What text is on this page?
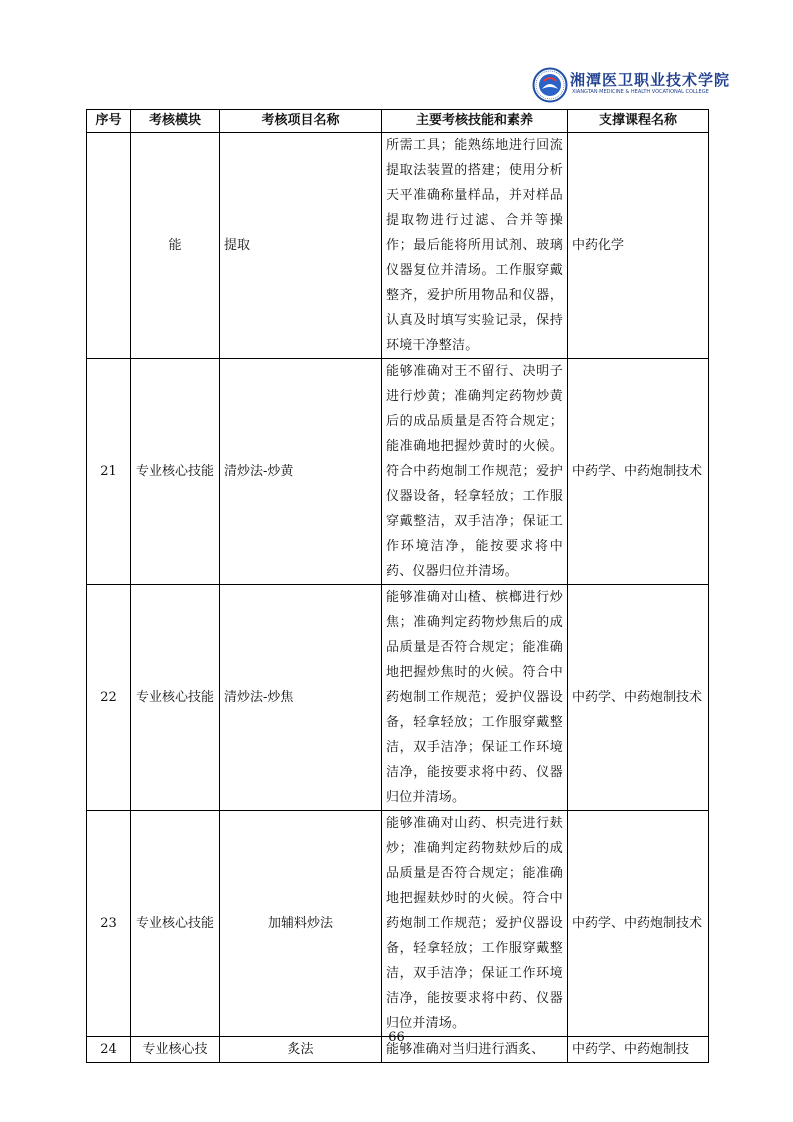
湘潭医卫职业技术学院
XIANGTAN MEDICINE & HEALTH VOCATIONAL COLLEGE
序号	考核模块	考核项目名称	主要考核技能和素养	支撑课程名称
	能	提取	所需工具；能熟练地进行回流提取法装置的搭建；使用分析天平准确称量样品，并对样品提取物进行过滤、合并等操作；最后能将所用试剂、玻璃仪器复位并清场。工作服穿戴整齐，爱护所用物品和仪器，认真及时填写实验记录，保持环境干净整洁。	中药化学
21	专业核心技能	清炒法-炒黄	能够准确对王不留行、决明子进行炒黄；准确判定药物炒黄后的成品质量是否符合规定；能准确地把握炒黄时的火候。符合中药炮制工作规范；爱护仪器设备，轻拿轻放；工作服穿戴整洁，双手洁净；保证工作环境洁净，能按要求将中药、仪器归位并清场。	中药学、中药炮制技术
22	专业核心技能	清炒法-炒焦	能够准确对山楂、槟榔进行炒焦；准确判定药物炒焦后的成品质量是否符合规定；能准确地把握炒焦时的火候。符合中药炮制工作规范；爱护仪器设备，轻拿轻放；工作服穿戴整洁，双手洁净；保证工作环境洁净，能按要求将中药、仪器归位并清场。	中药学、中药炮制技术
23	专业核心技能	加辅料炒法	能够准确对山药、枳壳进行麸炒；准确判定药物麸炒后的成品质量是否符合规定；能准确地把握麸炒时的火候。符合中药炮制工作规范；爱护仪器设备，轻拿轻放；工作服穿戴整洁，双手洁净；保证工作环境洁净，能按要求将中药、仪器归位并清场。	中药学、中药炮制技术
24	专业核心技	炙法	能够准确对当归进行酒炙、	中药学、中药炮制技
66
